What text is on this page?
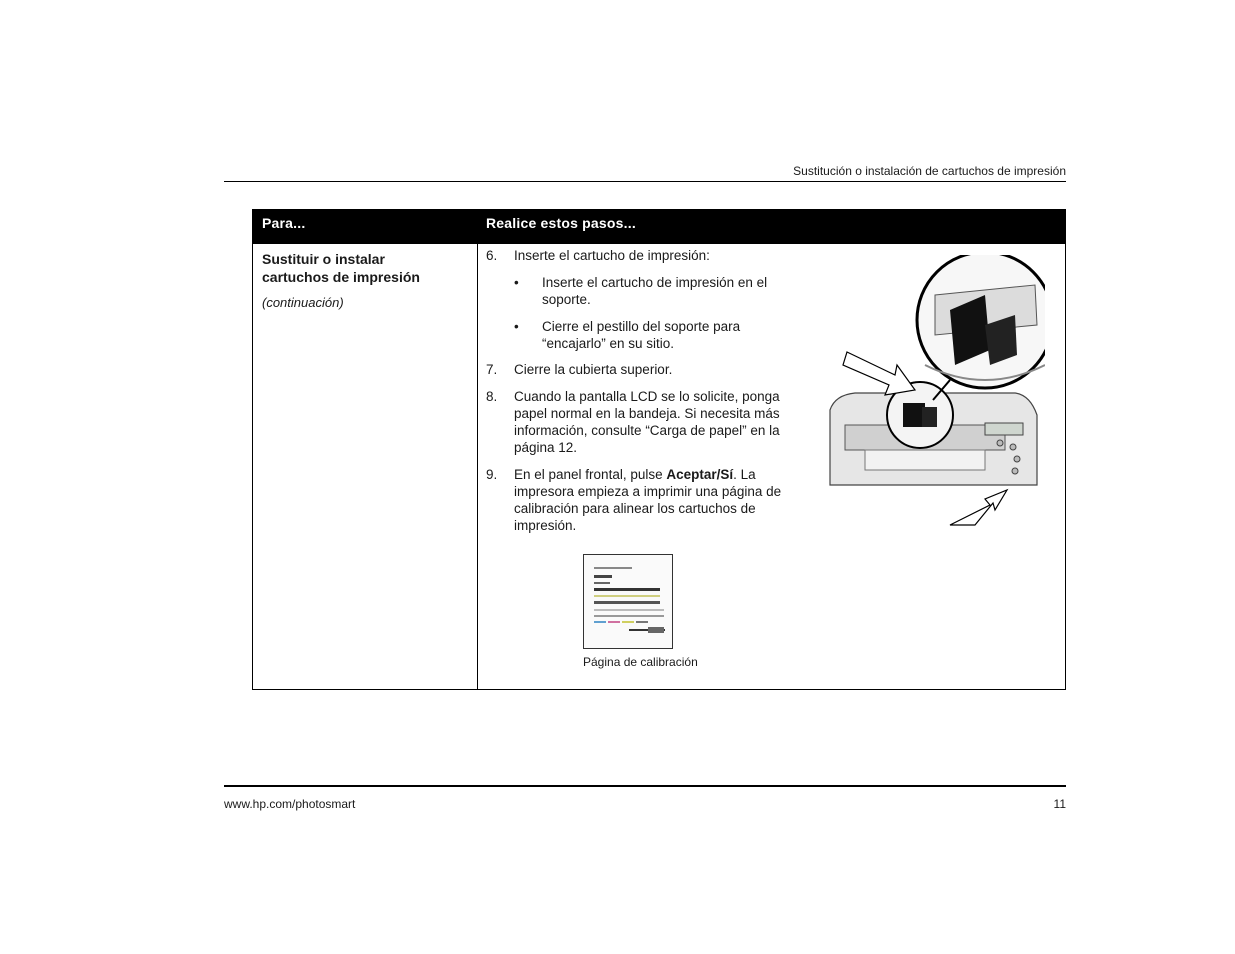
Sustitución o instalación de cartuchos de impresión
Para...	Realice estos pasos...
Sustituir o instalar
cartuchos de impresión
(continuación)
6. Inserte el cartucho de impresión:
• Inserte el cartucho de impresión en el soporte.
• Cierre el pestillo del soporte para “encajarlo” en su sitio.
7. Cierre la cubierta superior.
8. Cuando la pantalla LCD se lo solicite, ponga papel normal en la bandeja. Si necesita más información, consulte “Carga de papel” en la página 12.
9. En el panel frontal, pulse Aceptar/Sí. La impresora empieza a imprimir una página de calibración para alinear los cartuchos de impresión.
Página de calibración
www.hp.com/photosmart	11
